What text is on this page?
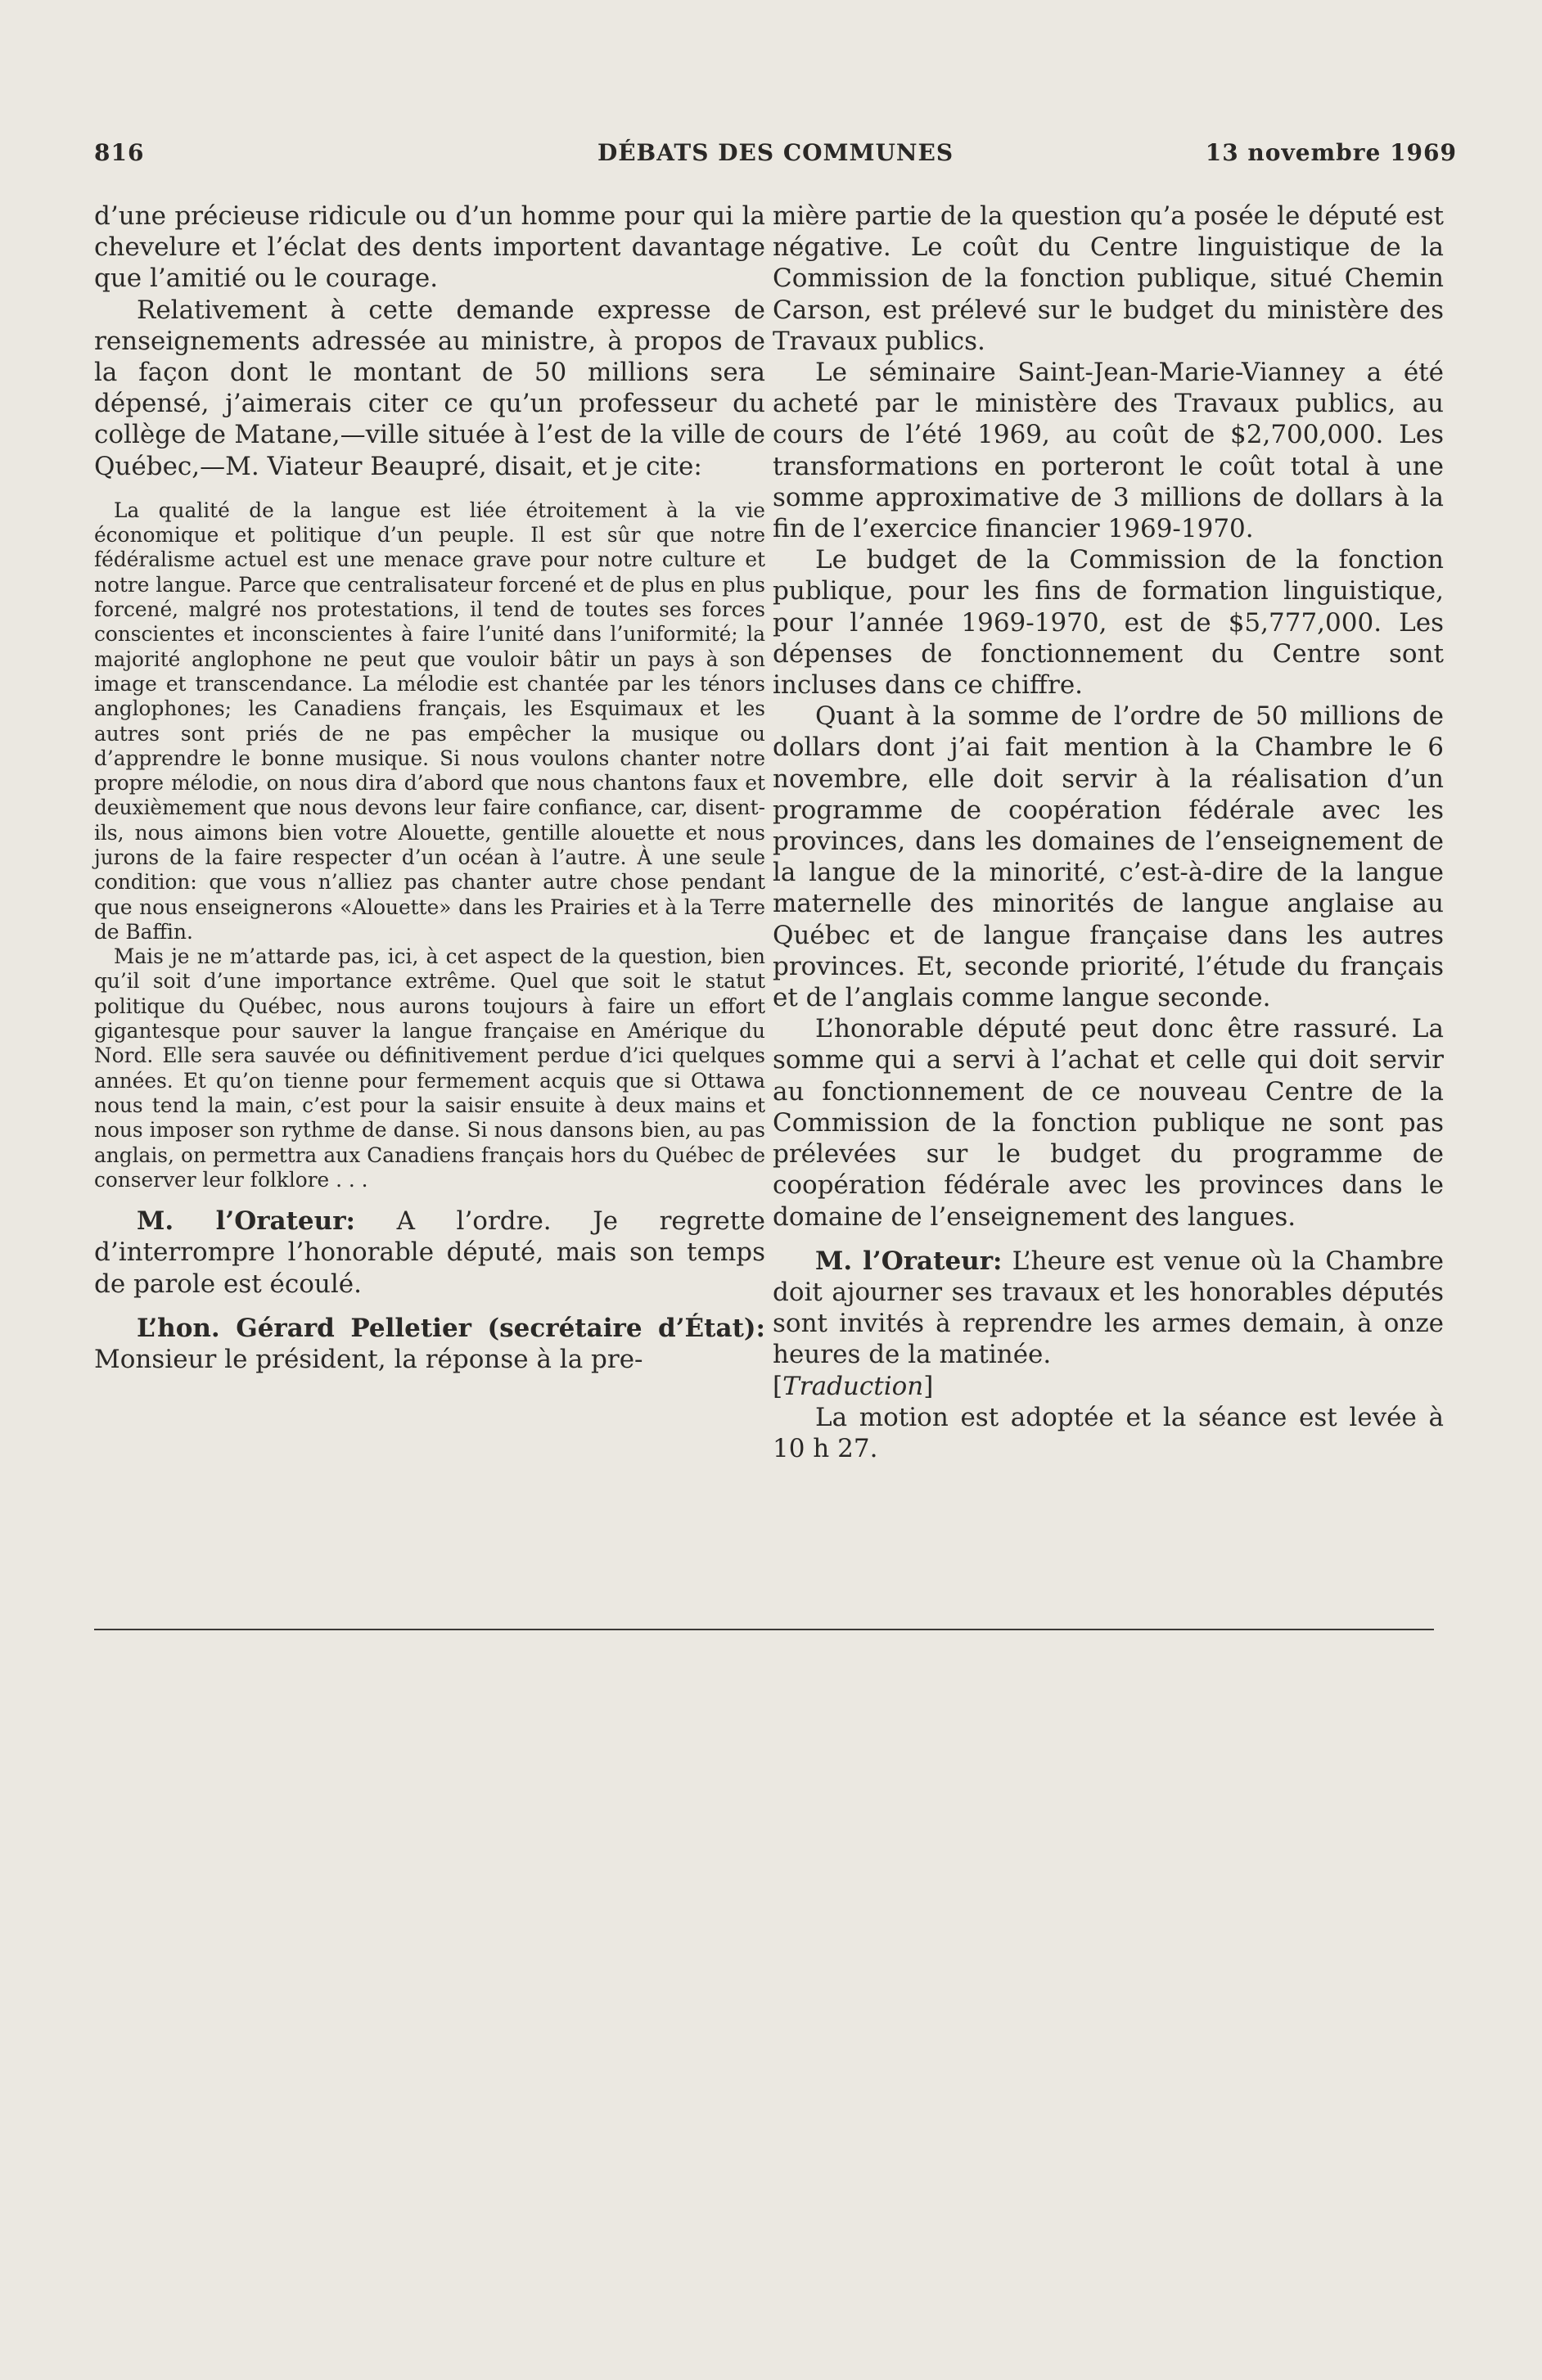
816	DÉBATS DES COMMUNES	13 novembre 1969

d’une précieuse ridicule ou d’un homme pour qui la chevelure et l’éclat des dents importent davantage que l’amitié ou le courage.

Relativement à cette demande expresse de renseignements adressée au ministre, à propos de la façon dont le montant de 50 millions sera dépensé, j’aimerais citer ce qu’un professeur du collège de Matane,—ville située à l’est de la ville de Québec,—M. Viateur Beaupré, disait, et je cite:

La qualité de la langue est liée étroitement à la vie économique et politique d’un peuple. Il est sûr que notre fédéralisme actuel est une menace grave pour notre culture et notre langue. Parce que centralisateur forcené et de plus en plus forcené, malgré nos protestations, il tend de toutes ses forces conscientes et inconscientes à faire l’unité dans l’uniformité; la majorité anglophone ne peut que vouloir bâtir un pays à son image et transcendance. La mélodie est chantée par les ténors anglophones; les Canadiens français, les Esquimaux et les autres sont priés de ne pas empêcher la musique ou d’apprendre le bonne musique. Si nous voulons chanter notre propre mélodie, on nous dira d’abord que nous chantons faux et deuxièmement que nous devons leur faire confiance, car, disent-ils, nous aimons bien votre Alouette, gentille alouette et nous jurons de la faire respecter d’un océan à l’autre. À une seule condition: que vous n’alliez pas chanter autre chose pendant que nous enseignerons «Alouette» dans les Prairies et à la Terre de Baffin.

Mais je ne m’attarde pas, ici, à cet aspect de la question, bien qu’il soit d’une importance extrême. Quel que soit le statut politique du Québec, nous aurons toujours à faire un effort gigantesque pour sauver la langue française en Amérique du Nord. Elle sera sauvée ou définitivement perdue d’ici quelques années. Et qu’on tienne pour fermement acquis que si Ottawa nous tend la main, c’est pour la saisir ensuite à deux mains et nous imposer son rythme de danse. Si nous dansons bien, au pas anglais, on permettra aux Canadiens français hors du Québec de conserver leur folklore . . .

M. l’Orateur: A l’ordre. Je regrette d’interrompre l’honorable député, mais son temps de parole est écoulé.

L’hon. Gérard Pelletier (secrétaire d’État): Monsieur le président, la réponse à la pre-

mière partie de la question qu’a posée le député est négative. Le coût du Centre linguistique de la Commission de la fonction publique, situé Chemin Carson, est prélevé sur le budget du ministère des Travaux publics.

Le séminaire Saint-Jean-Marie-Vianney a été acheté par le ministère des Travaux publics, au cours de l’été 1969, au coût de $2,700,000. Les transformations en porteront le coût total à une somme approximative de 3 millions de dollars à la fin de l’exercice financier 1969-1970.

Le budget de la Commission de la fonction publique, pour les fins de formation linguistique, pour l’année 1969-1970, est de $5,777,000. Les dépenses de fonctionnement du Centre sont incluses dans ce chiffre.

Quant à la somme de l’ordre de 50 millions de dollars dont j’ai fait mention à la Chambre le 6 novembre, elle doit servir à la réalisation d’un programme de coopération fédérale avec les provinces, dans les domaines de l’enseignement de la langue de la minorité, c’est-à-dire de la langue maternelle des minorités de langue anglaise au Québec et de langue française dans les autres provinces. Et, seconde priorité, l’étude du français et de l’anglais comme langue seconde.

L’honorable député peut donc être rassuré. La somme qui a servi à l’achat et celle qui doit servir au fonctionnement de ce nouveau Centre de la Commission de la fonction publique ne sont pas prélevées sur le budget du programme de coopération fédérale avec les provinces dans le domaine de l’enseignement des langues.

M. l’Orateur: L’heure est venue où la Chambre doit ajourner ses travaux et les honorables députés sont invités à reprendre les armes demain, à onze heures de la matinée.

[Traduction]

La motion est adoptée et la séance est levée à 10 h 27.
